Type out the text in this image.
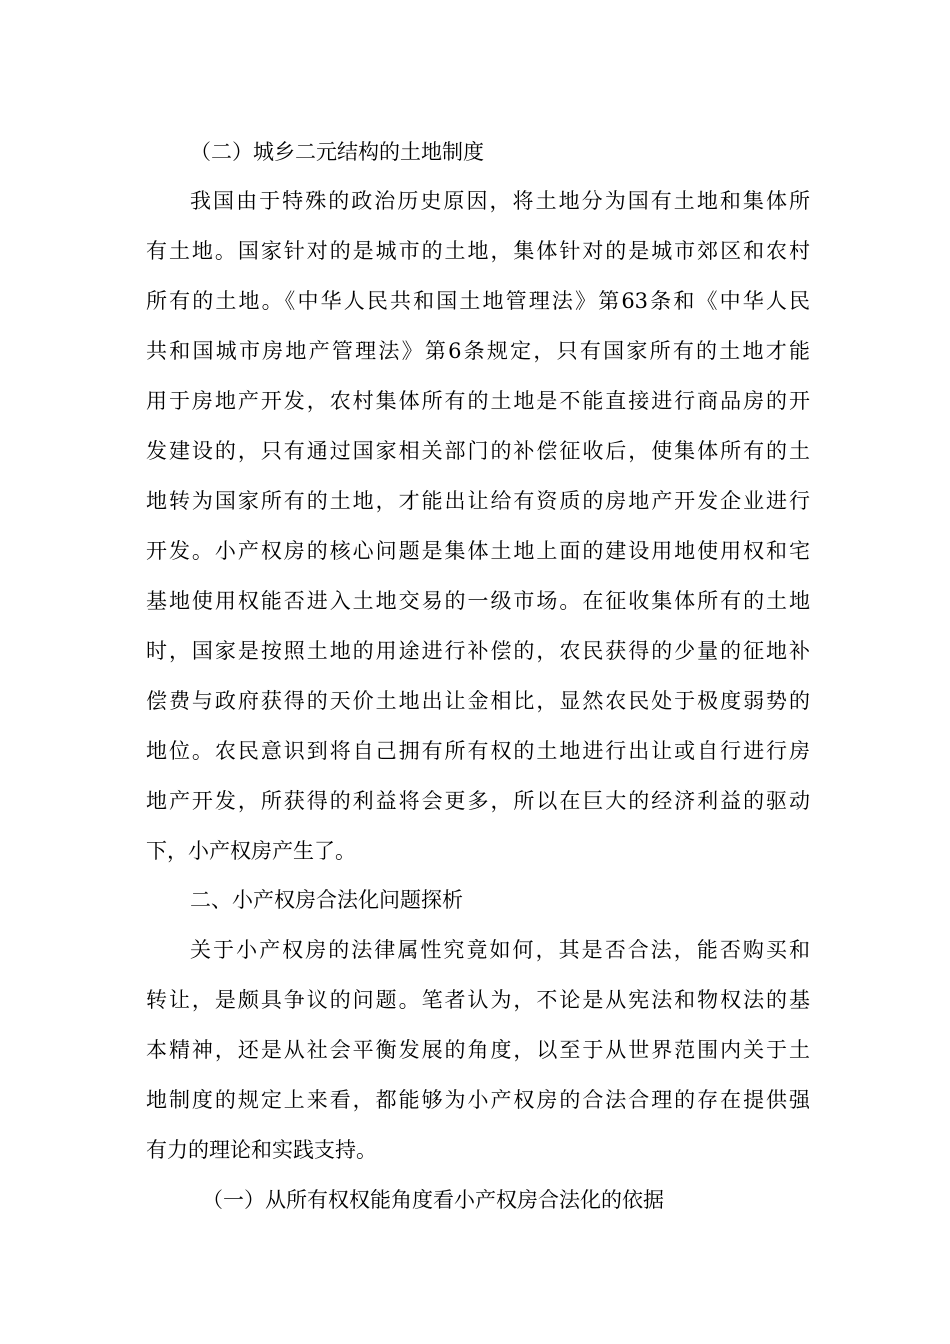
（二）城乡二元结构的土地制度
我国由于特殊的政治历史原因，将土地分为国有土地和集体所
有土地。国家针对的是城市的土地，集体针对的是城市郊区和农村
所有的土地。《中华人民共和国土地管理法》第63条和《中华人民
共和国城市房地产管理法》第6条规定，只有国家所有的土地才能
用于房地产开发，农村集体所有的土地是不能直接进行商品房的开
发建设的，只有通过国家相关部门的补偿征收后，使集体所有的土
地转为国家所有的土地，才能出让给有资质的房地产开发企业进行
开发。小产权房的核心问题是集体土地上面的建设用地使用权和宅
基地使用权能否进入土地交易的一级市场。在征收集体所有的土地
时，国家是按照土地的用途进行补偿的，农民获得的少量的征地补
偿费与政府获得的天价土地出让金相比，显然农民处于极度弱势的
地位。农民意识到将自己拥有所有权的土地进行出让或自行进行房
地产开发，所获得的利益将会更多，所以在巨大的经济利益的驱动
下，小产权房产生了。
二、小产权房合法化问题探析
关于小产权房的法律属性究竟如何，其是否合法，能否购买和
转让，是颇具争议的问题。笔者认为，不论是从宪法和物权法的基
本精神，还是从社会平衡发展的角度，以至于从世界范围内关于土
地制度的规定上来看，都能够为小产权房的合法合理的存在提供强
有力的理论和实践支持。
（一）从所有权权能角度看小产权房合法化的依据
